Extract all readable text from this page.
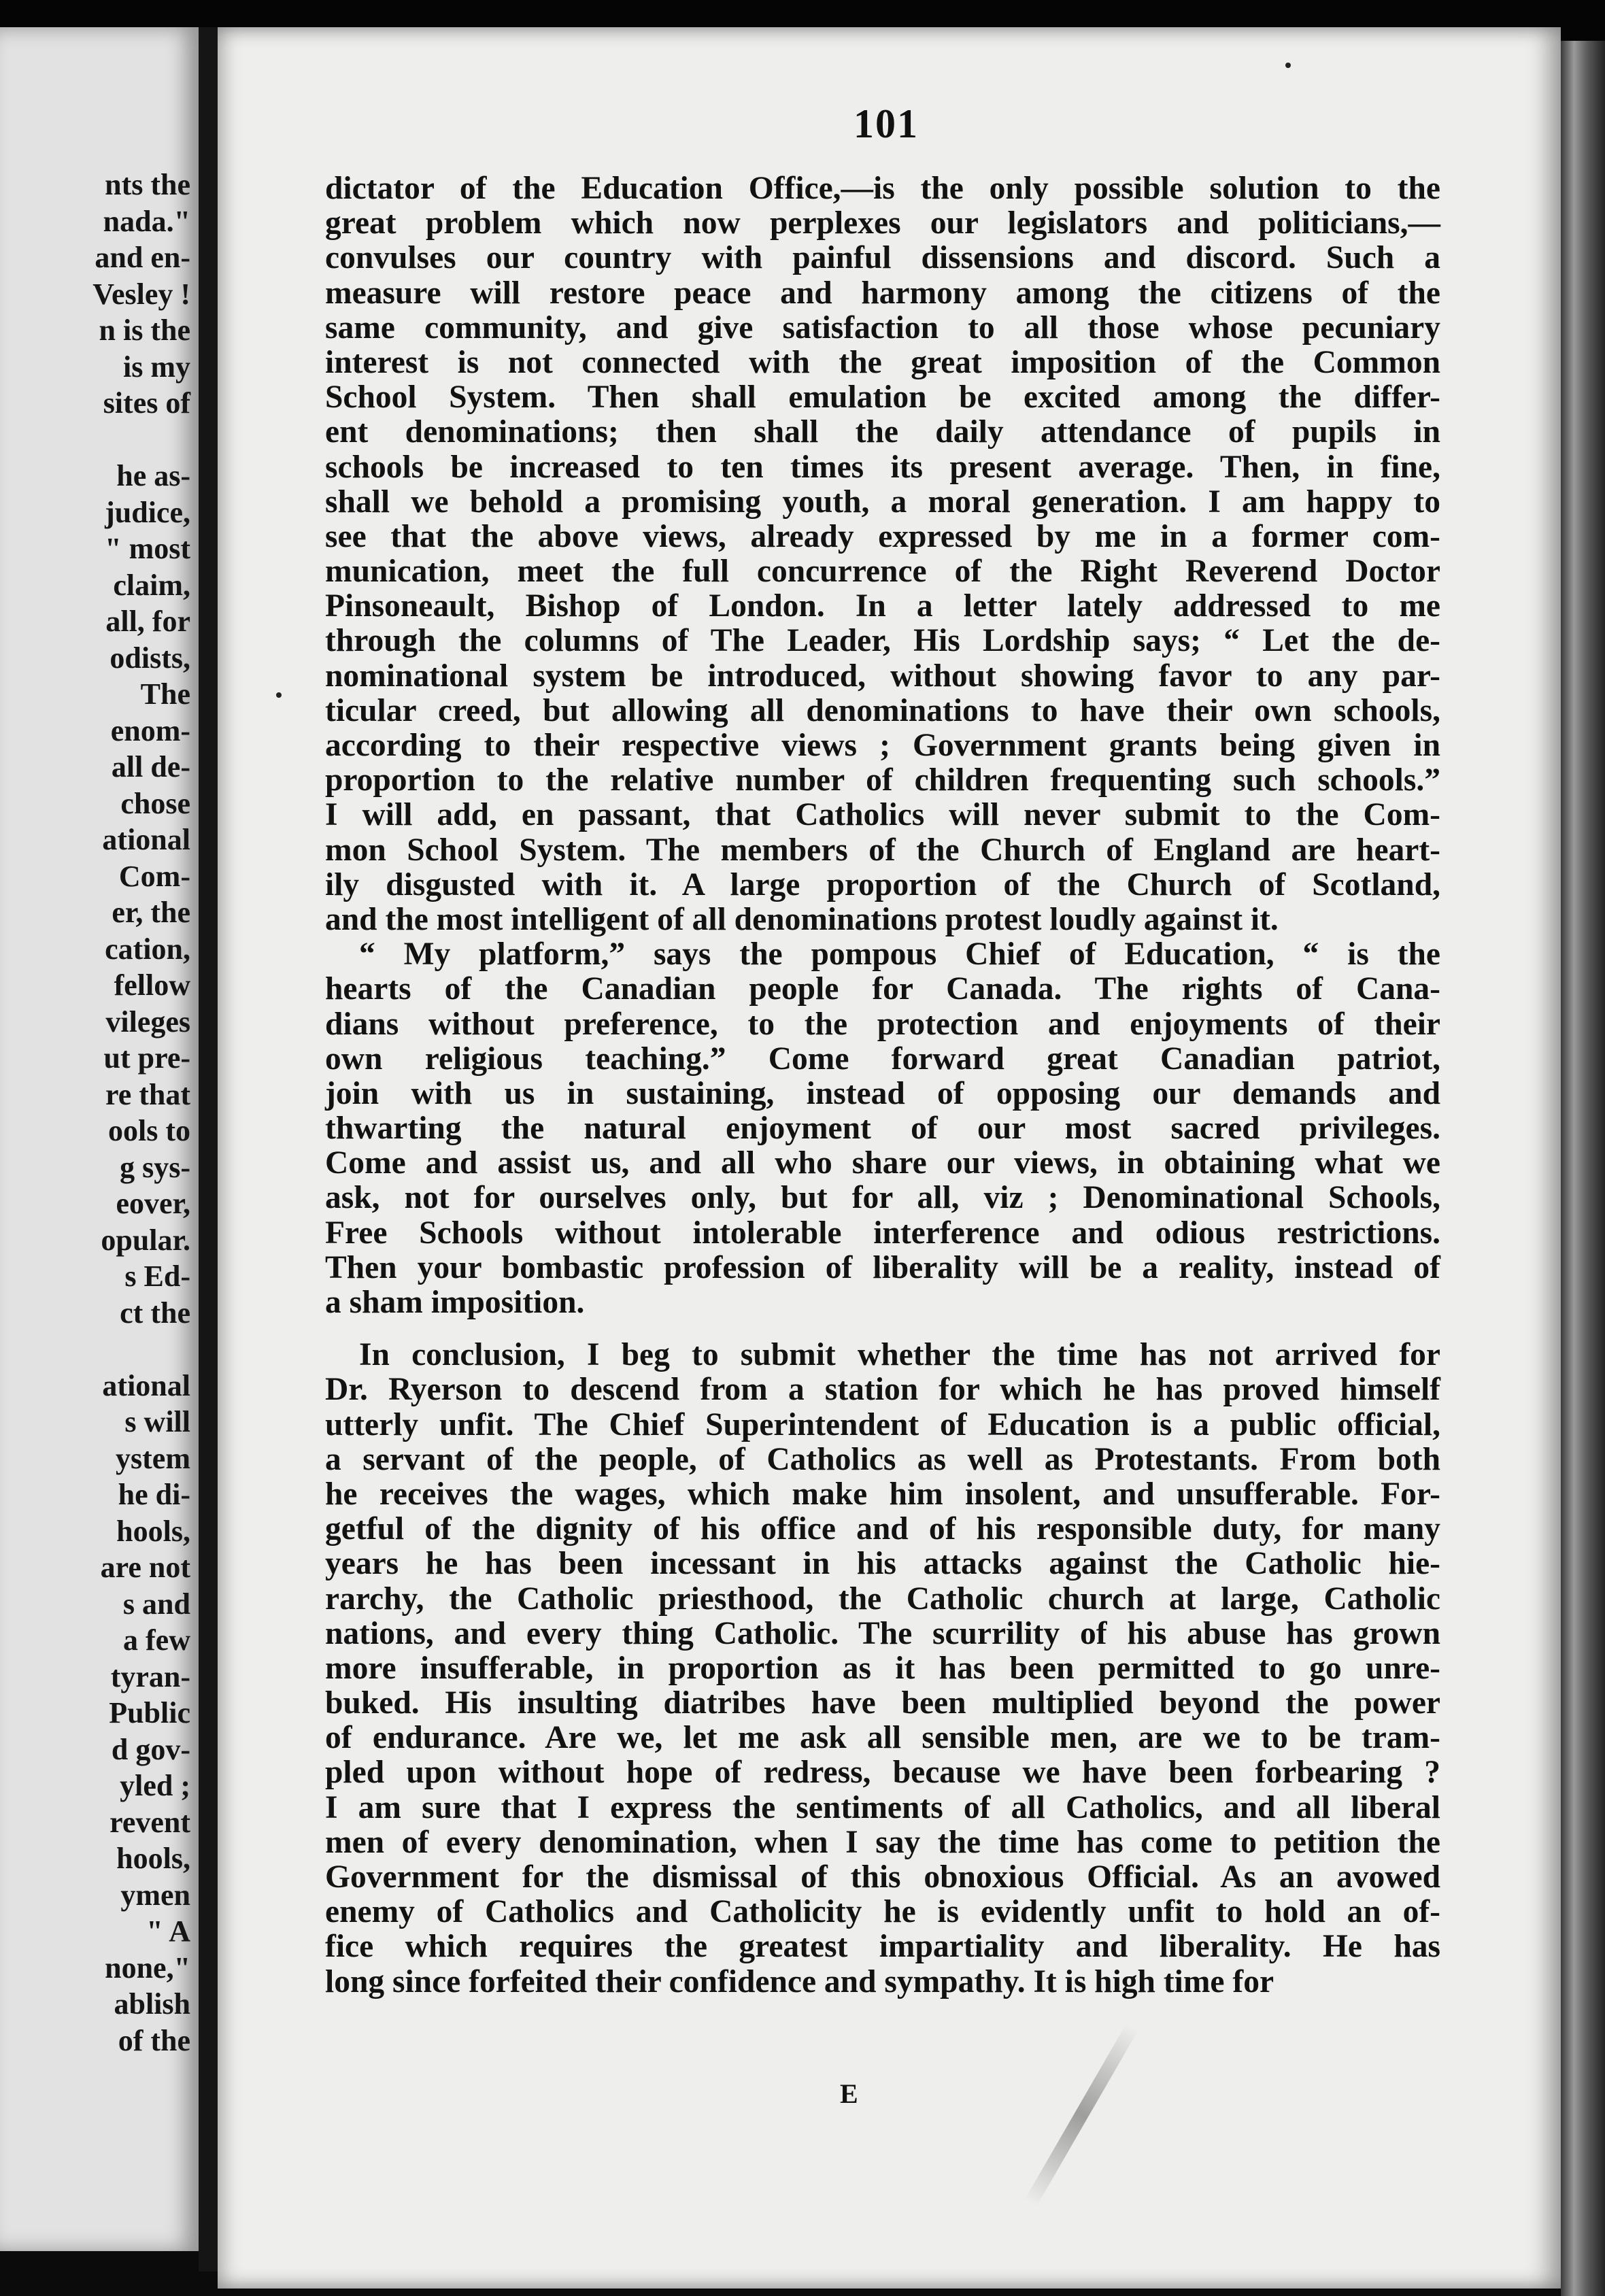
nts the
nada."
and en-
Vesley !
n is the
is my
sites of

he as-
judice,
" most
claim,
all, for
odists,
The
enom-
all de-
chose
ational
Com-
er, the
cation,
fellow
vileges
ut pre-
re that
ools to
g sys-
eover,
opular.
s Ed-
ct the

ational
s will
ystem
he di-
hools,
are not
s and
a few
tyran-
Public
d gov-
yled ;
revent
hools,
ymen
" A
none,"
ablish
of the
101
dictator of the Education Office,—is the only possible solution to the
great problem which now perplexes our legislators and politicians,—
convulses our country with painful dissensions and discord. Such a
measure will restore peace and harmony among the citizens of the
same community, and give satisfaction to all those whose pecuniary
interest is not connected with the great imposition of the Common
School System. Then shall emulation be excited among the differ-
ent denominations; then shall the daily attendance of pupils in
schools be increased to ten times its present average. Then, in fine,
shall we behold a promising youth, a moral generation. I am happy to
see that the above views, already expressed by me in a former com-
munication, meet the full concurrence of the Right Reverend Doctor
Pinsoneault, Bishop of London. In a letter lately addressed to me
through the columns of The Leader, His Lordship says; “ Let the de-
nominational system be introduced, without showing favor to any par-
ticular creed, but allowing all denominations to have their own schools,
according to their respective views ; Government grants being given in
proportion to the relative number of children frequenting such schools.”
I will add, en passant, that Catholics will never submit to the Com-
mon School System. The members of the Church of England are heart-
ily disgusted with it. A large proportion of the Church of Scotland,
and the most intelligent of all denominations protest loudly against it.
“ My platform,” says the pompous Chief of Education, “ is the
hearts of the Canadian people for Canada. The rights of Cana-
dians without preference, to the protection and enjoyments of their
own religious teaching.” Come forward great Canadian patriot,
join with us in sustaining, instead of opposing our demands and
thwarting the natural enjoyment of our most sacred privileges.
Come and assist us, and all who share our views, in obtaining what we
ask, not for ourselves only, but for all, viz ; Denominational Schools,
Free Schools without intolerable interference and odious restrictions.
Then your bombastic profession of liberality will be a reality, instead of
a sham imposition.
In conclusion, I beg to submit whether the time has not arrived for
Dr. Ryerson to descend from a station for which he has proved himself
utterly unfit. The Chief Superintendent of Education is a public official,
a servant of the people, of Catholics as well as Protestants. From both
he receives the wages, which make him insolent, and unsufferable. For-
getful of the dignity of his office and of his responsible duty, for many
years he has been incessant in his attacks against the Catholic hie-
rarchy, the Catholic priesthood, the Catholic church at large, Catholic
nations, and every thing Catholic. The scurrility of his abuse has grown
more insufferable, in proportion as it has been permitted to go unre-
buked. His insulting diatribes have been multiplied beyond the power
of endurance. Are we, let me ask all sensible men, are we to be tram-
pled upon without hope of redress, because we have been forbearing ?
I am sure that I express the sentiments of all Catholics, and all liberal
men of every denomination, when I say the time has come to petition the
Government for the dismissal of this obnoxious Official. As an avowed
enemy of Catholics and Catholicity he is evidently unfit to hold an of-
fice which requires the greatest impartiality and liberality. He has
long since forfeited their confidence and sympathy. It is high time for
E
